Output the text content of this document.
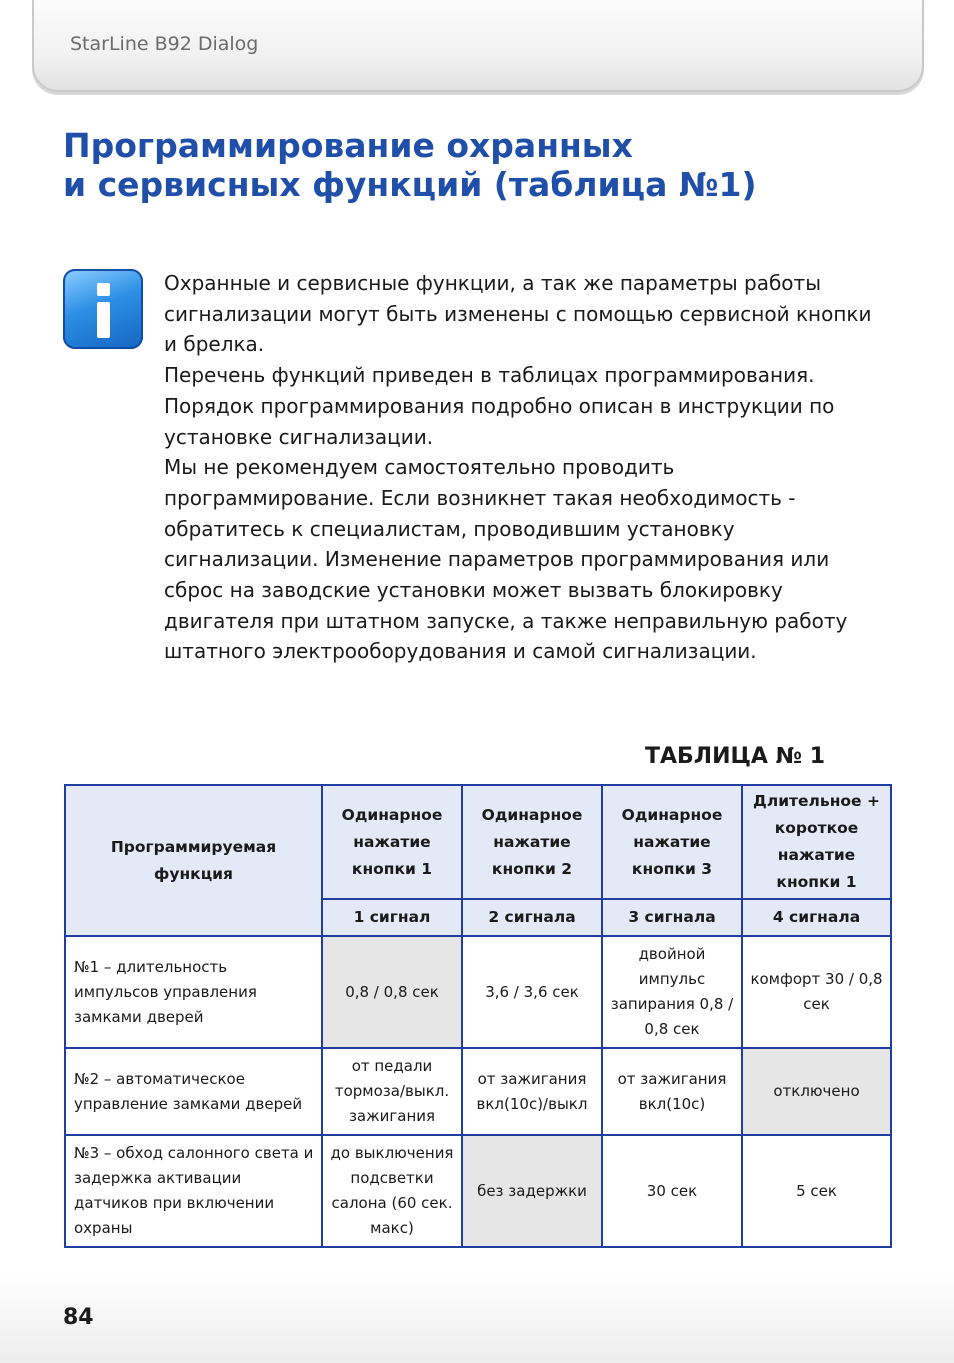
StarLine B92 Dialog
Программирование охранных
и сервисных функций (таблица №1)

Охранные и сервисные функции, а так же параметры работы сигнализации могут быть изменены с помощью сервисной кнопки и брелка.

Перечень функций приведен в таблицах программирования.

Порядок программирования подробно описан в инструкции по установке сигнализации.

Мы не рекомендуем самостоятельно проводить программирование. Если возникнет такая необходимость - обратитесь к специалистам, проводившим установку сигнализации. Изменение параметров программирования или сброс на заводские установки может вызвать блокировку двигателя при штатном запуске, а также неправильную работу штатного электрооборудования и самой сигнализации.

ТАБЛИЦА № 1
Программируемая функция	Одинарное нажатие кнопки 1	Одинарное нажатие кнопки 2	Одинарное нажатие кнопки 3	Длительное + короткое нажатие кнопки 1
	1 сигнал	2 сигнала	3 сигнала	4 сигнала
№1 – длительность импульсов управления замками дверей	0,8 / 0,8 сек	3,6 / 3,6 сек	двойной импульс запирания 0,8 / 0,8 сек	комфорт 30 / 0,8 сек
№2 – автоматическое управление замками дверей	от педали тормоза/выкл. зажигания	от зажигания вкл(10с)/выкл	от зажигания вкл(10с)	отключено
№3 – обход салонного света и задержка активации датчиков при включении охраны	до выключения подсветки салона (60 сек. макс)	без задержки	30 сек	5 сек
84
